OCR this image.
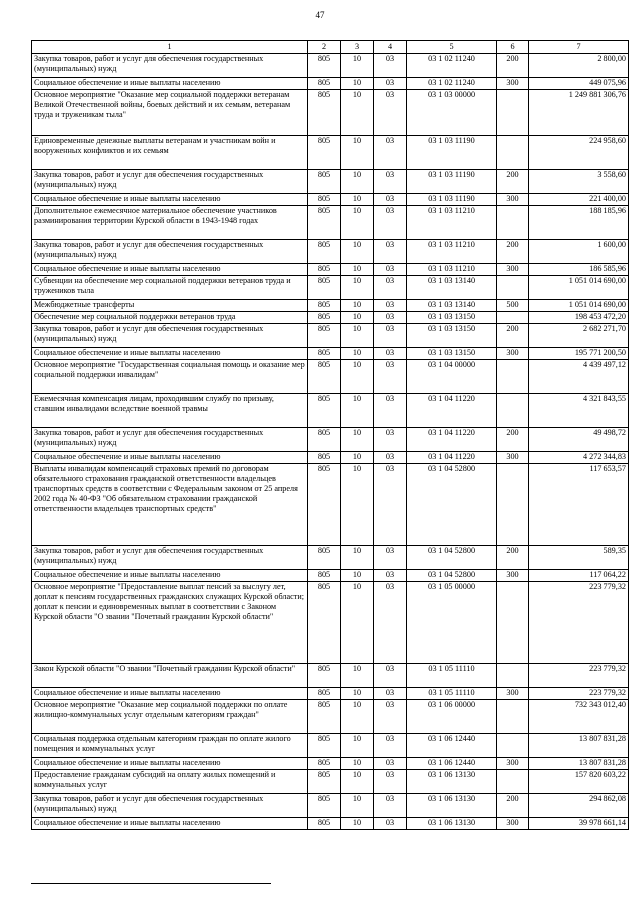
47
1	2	3	4	5	6	7
Закупка товаров, работ и услуг для обеспечения государственных (муниципальных) нужд	805	10	03	03 1 02 11240	200	2 800,00
Социальное обеспечение и иные выплаты населению	805	10	03	03 1 02 11240	300	449 075,96
Основное мероприятие "Оказание мер социальной поддержки ветеранам Великой Отечественной войны, боевых действий и их семьям, ветеранам труда и труженикам тыла"	805	10	03	03 1 03 00000		1 249 881 306,76
Единовременные денежные выплаты ветеранам и участникам войн и вооруженных конфликтов и их семьям	805	10	03	03 1 03 11190		224 958,60
Закупка товаров, работ и услуг для обеспечения государственных (муниципальных) нужд	805	10	03	03 1 03 11190	200	3 558,60
Социальное обеспечение и иные выплаты населению	805	10	03	03 1 03 11190	300	221 400,00
Дополнительное ежемесячное материальное обеспечение участников разминирования территории Курской области в 1943-1948 годах	805	10	03	03 1 03 11210		188 185,96
Закупка товаров, работ и услуг для обеспечения государственных (муниципальных) нужд	805	10	03	03 1 03 11210	200	1 600,00
Социальное обеспечение и иные выплаты населению	805	10	03	03 1 03 11210	300	186 585,96
Субвенции на обеспечение мер социальной поддержки ветеранов труда и тружеников тыла	805	10	03	03 1 03 13140		1 051 014 690,00
Межбюджетные трансферты	805	10	03	03 1 03 13140	500	1 051 014 690,00
Обеспечение мер социальной поддержки ветеранов труда	805	10	03	03 1 03 13150		198 453 472,20
Закупка товаров, работ и услуг для обеспечения государственных (муниципальных) нужд	805	10	03	03 1 03 13150	200	2 682 271,70
Социальное обеспечение и иные выплаты населению	805	10	03	03 1 03 13150	300	195 771 200,50
Основное мероприятие "Государственная социальная помощь и оказание мер социальной поддержки инвалидам"	805	10	03	03 1 04 00000		4 439 497,12
Ежемесячная компенсация лицам, проходившим службу по призыву, ставшим инвалидами вследствие военной травмы	805	10	03	03 1 04 11220		4 321 843,55
Закупка товаров, работ и услуг для обеспечения государственных (муниципальных) нужд	805	10	03	03 1 04 11220	200	49 498,72
Социальное обеспечение и иные выплаты населению	805	10	03	03 1 04 11220	300	4 272 344,83
Выплаты инвалидам компенсаций страховых премий по договорам обязательного страхования гражданской ответственности владельцев транспортных средств в соответствии с Федеральным законом от 25 апреля 2002 года № 40-ФЗ "Об обязательном страховании гражданской ответственности владельцев транспортных средств"	805	10	03	03 1 04 52800		117 653,57
Закупка товаров, работ и услуг для обеспечения государственных (муниципальных) нужд	805	10	03	03 1 04 52800	200	589,35
Социальное обеспечение и иные выплаты населению	805	10	03	03 1 04 52800	300	117 064,22
Основное мероприятие "Предоставление выплат пенсий за выслугу лет, доплат к пенсиям государственных гражданских служащих Курской области; доплат к пенсии и единовременных выплат в соответствии с Законом Курской области "О звании "Почетный гражданин Курской области"	805	10	03	03 1 05 00000		223 779,32
Закон Курской области "О звании "Почетный гражданин Курской области"	805	10	03	03 1 05 11110		223 779,32
Социальное обеспечение и иные выплаты населению	805	10	03	03 1 05 11110	300	223 779,32
Основное мероприятие "Оказание мер социальной поддержки по оплате жилищно-коммунальных услуг отдельным категориям граждан"	805	10	03	03 1 06 00000		732 343 012,40
Социальная поддержка отдельным категориям граждан по оплате жилого помещения и коммунальных услуг	805	10	03	03 1 06 12440		13 807 831,28
Социальное обеспечение и иные выплаты населению	805	10	03	03 1 06 12440	300	13 807 831,28
Предоставление гражданам субсидий на оплату жилых помещений и коммунальных услуг	805	10	03	03 1 06 13130		157 820 603,22
Закупка товаров, работ и услуг для обеспечения государственных (муниципальных) нужд	805	10	03	03 1 06 13130	200	294 862,08
Социальное обеспечение и иные выплаты населению	805	10	03	03 1 06 13130	300	39 978 661,14
